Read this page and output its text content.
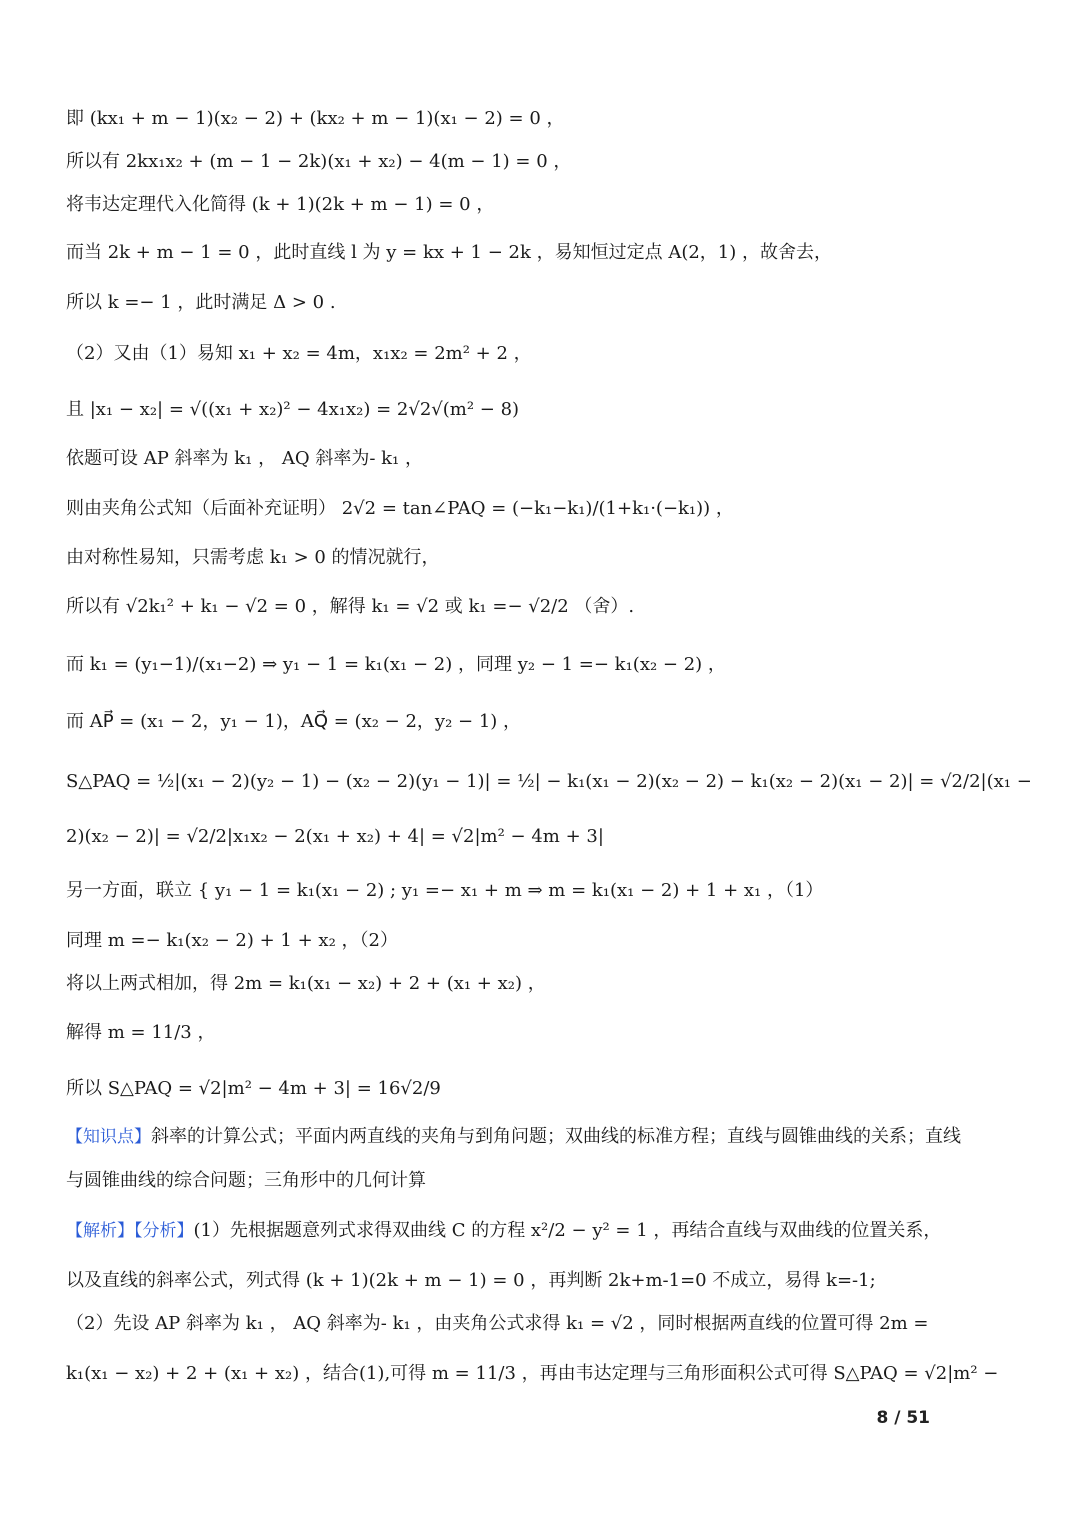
即 (kx₁ + m − 1)(x₂ − 2) + (kx₂ + m − 1)(x₁ − 2) = 0 ，
所以有 2kx₁x₂ + (m − 1 − 2k)(x₁ + x₂) − 4(m − 1) = 0 ，
将韦达定理代入化简得 (k + 1)(2k + m − 1) = 0 ，
而当 2k + m − 1 = 0 ，此时直线 l 为 y = kx + 1 − 2k ，易知恒过定点 A(2，1) ，故舍去，
所以 k =− 1 ，此时满足 Δ > 0 .
（2）又由（1）易知 x₁ + x₂ = 4m，x₁x₂ = 2m² + 2 ，
且 |x₁ − x₂| = √((x₁ + x₂)² − 4x₁x₂) = 2√2√(m² − 8)
依题可设 AP 斜率为 k₁ ， AQ 斜率为- k₁ ，
则由夹角公式知（后面补充证明） 2√2 = tan∠PAQ = (−k₁−k₁)/(1+k₁·(−k₁)) ，
由对称性易知，只需考虑 k₁ > 0 的情况就行，
所以有 √2k₁² + k₁ − √2 = 0 ，解得 k₁ = √2 或 k₁ =− √2/2 （舍）.
而 k₁ = (y₁−1)/(x₁−2) ⇒ y₁ − 1 = k₁(x₁ − 2) ，同理 y₂ − 1 =− k₁(x₂ − 2) ，
而 AP⃗ = (x₁ − 2，y₁ − 1)，AQ⃗ = (x₂ − 2，y₂ − 1) ，
S△PAQ = ½|(x₁ − 2)(y₂ − 1) − (x₂ − 2)(y₁ − 1)| = ½| − k₁(x₁ − 2)(x₂ − 2) − k₁(x₂ − 2)(x₁ − 2)| = √2/2|(x₁ −
2)(x₂ − 2)| = √2/2|x₁x₂ − 2(x₁ + x₂) + 4| = √2|m² − 4m + 3|
另一方面，联立 { y₁ − 1 = k₁(x₁ − 2) ; y₁ =− x₁ + m ⇒ m = k₁(x₁ − 2) + 1 + x₁ ，（1）
同理 m =− k₁(x₂ − 2) + 1 + x₂ ，（2）
将以上两式相加，得 2m = k₁(x₁ − x₂) + 2 + (x₁ + x₂) ，
解得 m = 11/3 ，
所以 S△PAQ = √2|m² − 4m + 3| = 16√2/9
【知识点】斜率的计算公式；平面内两直线的夹角与到角问题；双曲线的标准方程；直线与圆锥曲线的关系；直线
与圆锥曲线的综合问题；三角形中的几何计算
【解析】【分析】(1）先根据题意列式求得双曲线 C 的方程 x²/2 − y² = 1 ，再结合直线与双曲线的位置关系，
以及直线的斜率公式，列式得 (k + 1)(2k + m − 1) = 0 ，再判断 2k+m-1=0 不成立，易得 k=-1;
（2）先设 AP 斜率为 k₁ ， AQ 斜率为- k₁ ，由夹角公式求得 k₁ = √2 ，同时根据两直线的位置可得 2m =
k₁(x₁ − x₂) + 2 + (x₁ + x₂) ，结合(1),可得 m = 11/3 ，再由韦达定理与三角形面积公式可得 S△PAQ = √2|m² −
8 / 51
